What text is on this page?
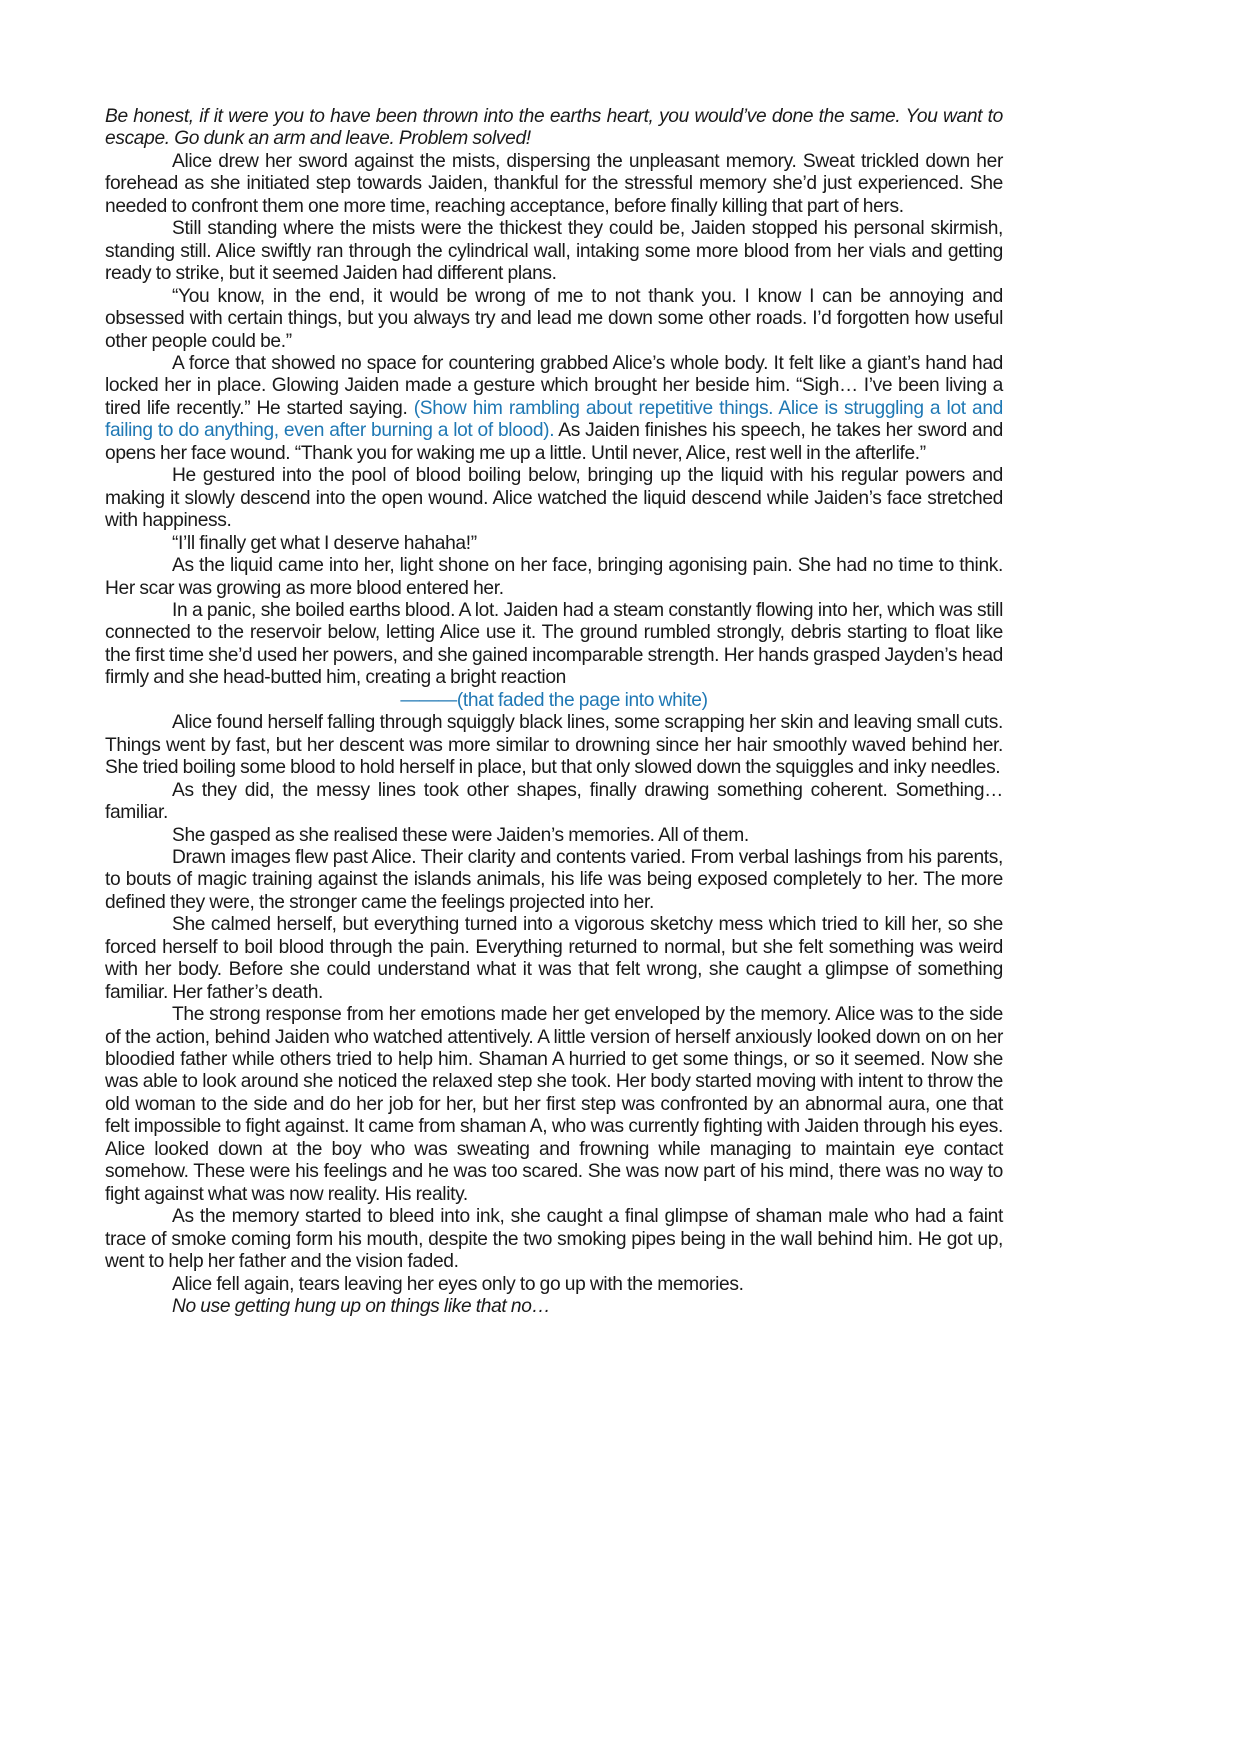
Be honest, if it were you to have been thrown into the earths heart, you would’ve done the same. You want to escape. Go dunk an arm and leave. Problem solved!

Alice drew her sword against the mists, dispersing the unpleasant memory. Sweat trickled down her forehead as she initiated step towards Jaiden, thankful for the stressful memory she’d just experienced. She needed to confront them one more time, reaching acceptance, before finally killing that part of hers.

Still standing where the mists were the thickest they could be, Jaiden stopped his personal skirmish, standing still. Alice swiftly ran through the cylindrical wall, intaking some more blood from her vials and getting ready to strike, but it seemed Jaiden had different plans.

“You know, in the end, it would be wrong of me to not thank you. I know I can be annoying and obsessed with certain things, but you always try and lead me down some other roads. I’d forgotten how useful other people could be.”

A force that showed no space for countering grabbed Alice’s whole body. It felt like a giant’s hand had locked her in place. Glowing Jaiden made a gesture which brought her beside him. “Sigh… I’ve been living a tired life recently.” He started saying. (Show him rambling about repetitive things. Alice is struggling a lot and failing to do anything, even after burning a lot of blood). As Jaiden finishes his speech, he takes her sword and opens her face wound. “Thank you for waking me up a little. Until never, Alice, rest well in the afterlife.”

He gestured into the pool of blood boiling below, bringing up the liquid with his regular powers and making it slowly descend into the open wound. Alice watched the liquid descend while Jaiden’s face stretched with happiness.

“I’ll finally get what I deserve hahaha!”

As the liquid came into her, light shone on her face, bringing agonising pain. She had no time to think. Her scar was growing as more blood entered her.

In a panic, she boiled earths blood. A lot. Jaiden had a steam constantly flowing into her, which was still connected to the reservoir below, letting Alice use it. The ground rumbled strongly, debris starting to float like the first time she’d used her powers, and she gained incomparable strength. Her hands grasped Jayden’s head firmly and she head-butted him, creating a bright reaction

———(that faded the page into white)

Alice found herself falling through squiggly black lines, some scrapping her skin and leaving small cuts. Things went by fast, but her descent was more similar to drowning since her hair smoothly waved behind her. She tried boiling some blood to hold herself in place, but that only slowed down the squiggles and inky needles.

As they did, the messy lines took other shapes, finally drawing something coherent. Something… familiar.

She gasped as she realised these were Jaiden’s memories. All of them.

Drawn images flew past Alice. Their clarity and contents varied. From verbal lashings from his parents, to bouts of magic training against the islands animals, his life was being exposed completely to her. The more defined they were, the stronger came the feelings projected into her.

She calmed herself, but everything turned into a vigorous sketchy mess which tried to kill her, so she forced herself to boil blood through the pain. Everything returned to normal, but she felt something was weird with her body. Before she could understand what it was that felt wrong, she caught a glimpse of something familiar. Her father’s death.

The strong response from her emotions made her get enveloped by the memory. Alice was to the side of the action, behind Jaiden who watched attentively. A little version of herself anxiously looked down on on her bloodied father while others tried to help him. Shaman A hurried to get some things, or so it seemed. Now she was able to look around she noticed the relaxed step she took. Her body started moving with intent to throw the old woman to the side and do her job for her, but her first step was confronted by an abnormal aura, one that felt impossible to fight against. It came from shaman A, who was currently fighting with Jaiden through his eyes. Alice looked down at the boy who was sweating and frowning while managing to maintain eye contact somehow. These were his feelings and he was too scared. She was now part of his mind, there was no way to fight against what was now reality. His reality.

As the memory started to bleed into ink, she caught a final glimpse of shaman male who had a faint trace of smoke coming form his mouth, despite the two smoking pipes being in the wall behind him. He got up, went to help her father and the vision faded.

Alice fell again, tears leaving her eyes only to go up with the memories.

No use getting hung up on things like that no…
